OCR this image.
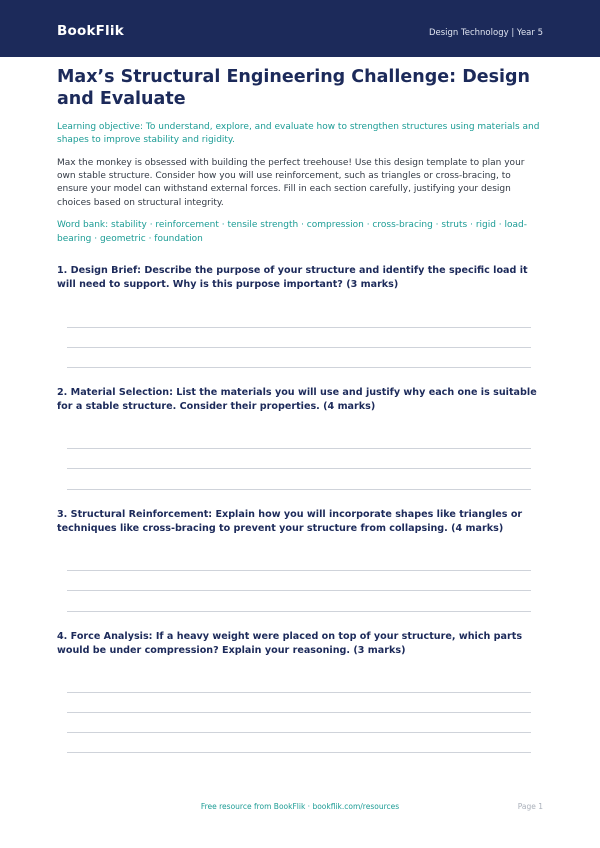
BookFlik	Design Technology | Year 5
Max’s Structural Engineering Challenge: Design and Evaluate

Learning objective: To understand, explore, and evaluate how to strengthen structures using materials and shapes to improve stability and rigidity.

Max the monkey is obsessed with building the perfect treehouse! Use this design template to plan your own stable structure. Consider how you will use reinforcement, such as triangles or cross-bracing, to ensure your model can withstand external forces. Fill in each section carefully, justifying your design choices based on structural integrity.

Word bank: stability · reinforcement · tensile strength · compression · cross-bracing · struts · rigid · load-bearing · geometric · foundation

1. Design Brief: Describe the purpose of your structure and identify the specific load it will need to support. Why is this purpose important? (3 marks)

2. Material Selection: List the materials you will use and justify why each one is suitable for a stable structure. Consider their properties. (4 marks)

3. Structural Reinforcement: Explain how you will incorporate shapes like triangles or techniques like cross-bracing to prevent your structure from collapsing. (4 marks)

4. Force Analysis: If a heavy weight were placed on top of your structure, which parts would be under compression? Explain your reasoning. (3 marks)

Free resource from BookFlik · bookflik.com/resources	Page 1
